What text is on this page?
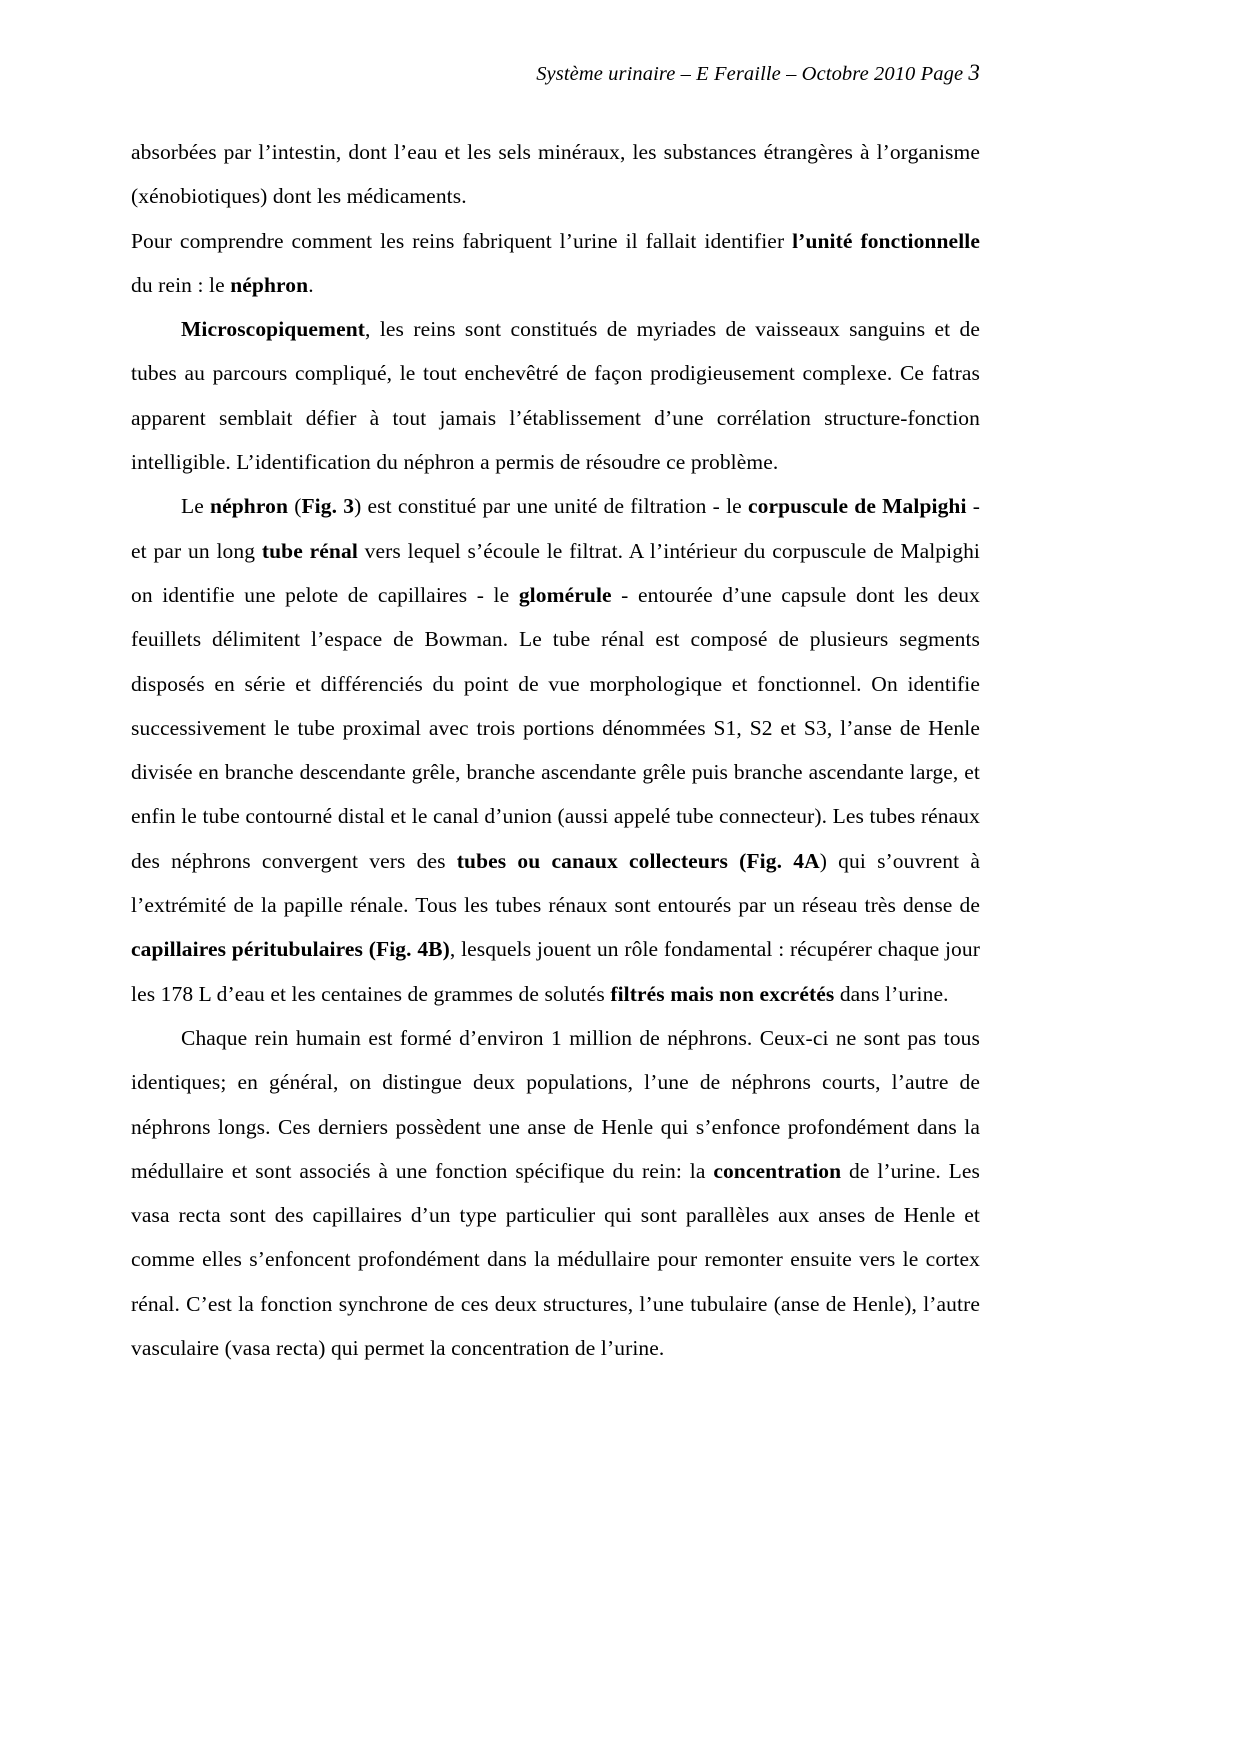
Système urinaire – E Feraille – Octobre 2010 Page 3

absorbées par l’intestin, dont l’eau et les sels minéraux, les substances étrangères à l’organisme (xénobiotiques) dont les médicaments.

Pour comprendre comment les reins fabriquent l’urine il fallait identifier l’unité fonctionnelle du rein : le néphron.

Microscopiquement, les reins sont constitués de myriades de vaisseaux sanguins et de tubes au parcours compliqué, le tout enchevêtré de façon prodigieusement complexe. Ce fatras apparent semblait défier à tout jamais l’établissement d’une corrélation structure-fonction intelligible. L’identification du néphron a permis de résoudre ce problème.

Le néphron (Fig. 3) est constitué par une unité de filtration - le corpuscule de Malpighi - et par un long tube rénal vers lequel s’écoule le filtrat. A l’intérieur du corpuscule de Malpighi on identifie une pelote de capillaires - le glomérule - entourée d’une capsule dont les deux feuillets délimitent l’espace de Bowman. Le tube rénal est composé de plusieurs segments disposés en série et différenciés du point de vue morphologique et fonctionnel. On identifie successivement le tube proximal avec trois portions dénommées S1, S2 et S3, l’anse de Henle divisée en branche descendante grêle, branche ascendante grêle puis branche ascendante large, et enfin le tube contourné distal et le canal d’union (aussi appelé tube connecteur). Les tubes rénaux des néphrons convergent vers des tubes ou canaux collecteurs (Fig. 4A) qui s’ouvrent à l’extrémité de la papille rénale. Tous les tubes rénaux sont entourés par un réseau très dense de capillaires péritubulaires (Fig. 4B), lesquels jouent un rôle fondamental : récupérer chaque jour les 178 L d’eau et les centaines de grammes de solutés filtrés mais non excrétés dans l’urine.

Chaque rein humain est formé d’environ 1 million de néphrons. Ceux-ci ne sont pas tous identiques; en général, on distingue deux populations, l’une de néphrons courts, l’autre de néphrons longs. Ces derniers possèdent une anse de Henle qui s’enfonce profondément dans la médullaire et sont associés à une fonction spécifique du rein: la concentration de l’urine. Les vasa recta sont des capillaires d’un type particulier qui sont parallèles aux anses de Henle et comme elles s’enfoncent profondément dans la médullaire pour remonter ensuite vers le cortex rénal. C’est la fonction synchrone de ces deux structures, l’une tubulaire (anse de Henle), l’autre vasculaire (vasa recta) qui permet la concentration de l’urine.
